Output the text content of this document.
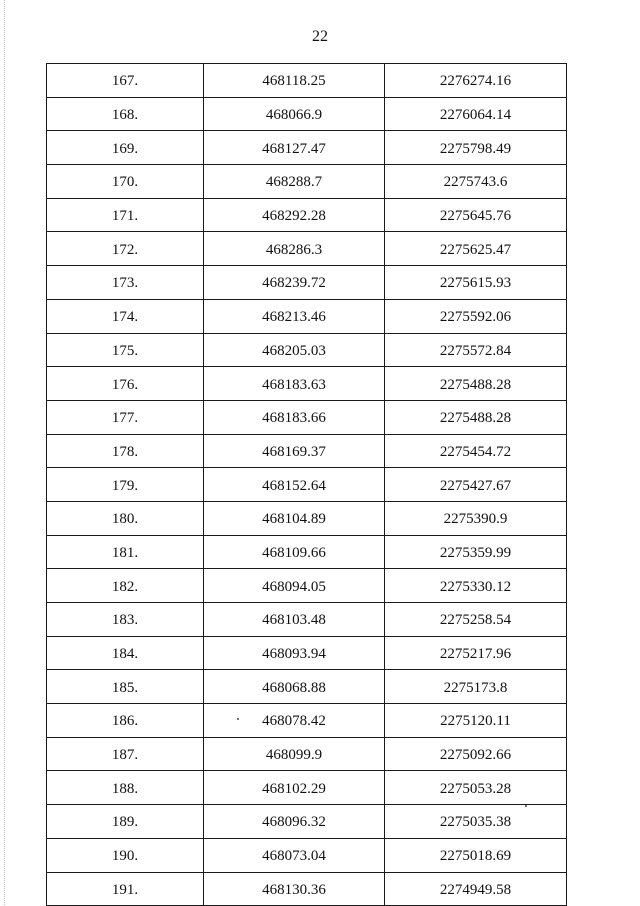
22
167.	468118.25	2276274.16
168.	468066.9	2276064.14
169.	468127.47	2275798.49
170.	468288.7	2275743.6
171.	468292.28	2275645.76
172.	468286.3	2275625.47
173.	468239.72	2275615.93
174.	468213.46	2275592.06
175.	468205.03	2275572.84
176.	468183.63	2275488.28
177.	468183.66	2275488.28
178.	468169.37	2275454.72
179.	468152.64	2275427.67
180.	468104.89	2275390.9
181.	468109.66	2275359.99
182.	468094.05	2275330.12
183.	468103.48	2275258.54
184.	468093.94	2275217.96
185.	468068.88	2275173.8
186.	468078.42	2275120.11
187.	468099.9	2275092.66
188.	468102.29	2275053.28
189.	468096.32	2275035.38
190.	468073.04	2275018.69
191.	468130.36	2274949.58
